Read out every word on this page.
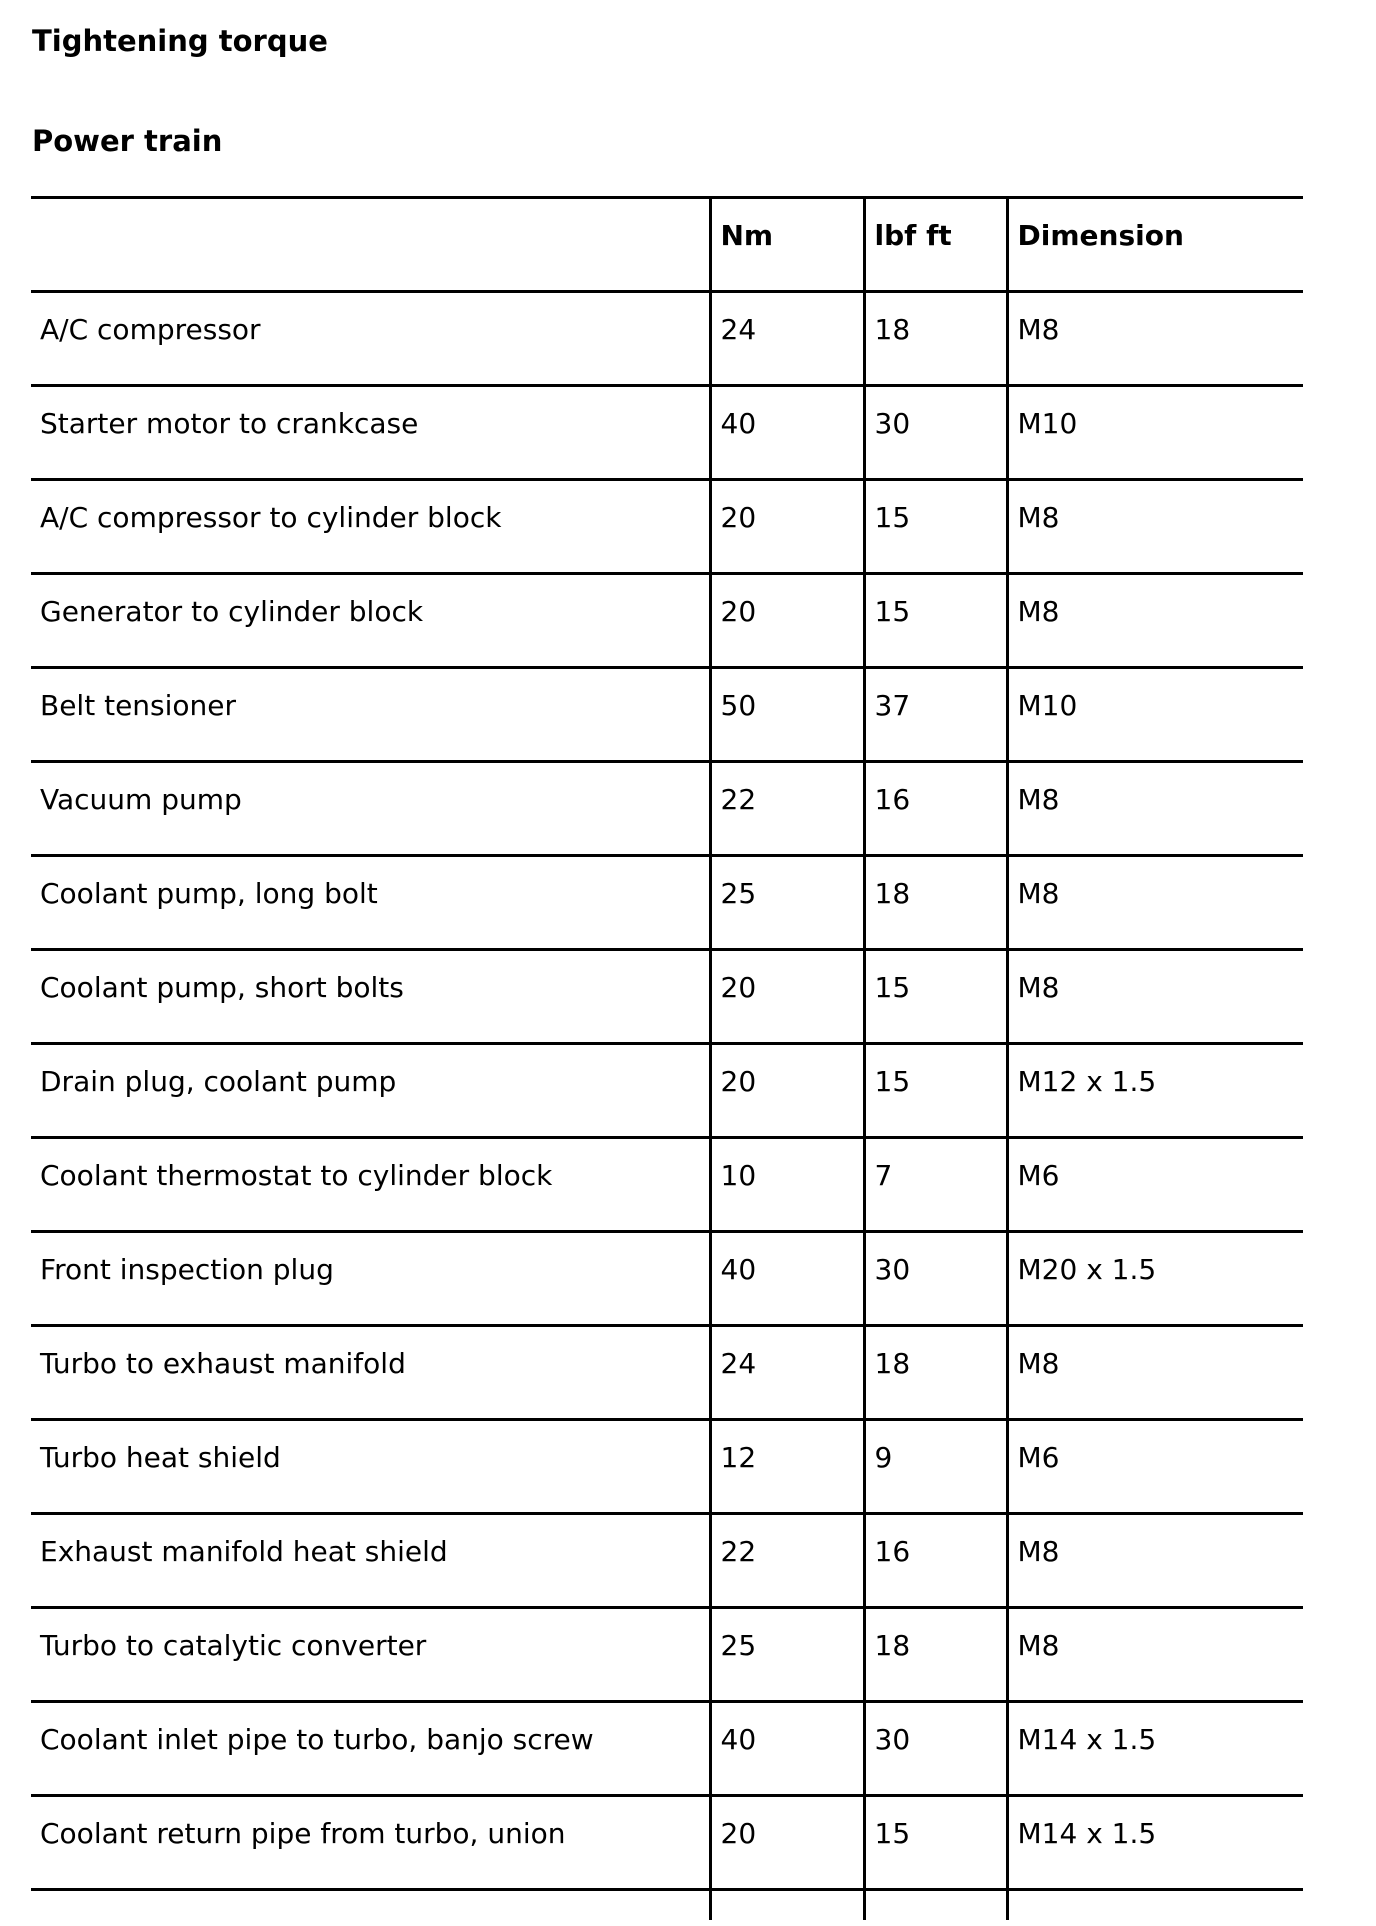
Tightening torque
Power train
	Nm	lbf ft	Dimension
A/C compressor	24	18	M8
Starter motor to crankcase	40	30	M10
A/C compressor to cylinder block	20	15	M8
Generator to cylinder block	20	15	M8
Belt tensioner	50	37	M10
Vacuum pump	22	16	M8
Coolant pump, long bolt	25	18	M8
Coolant pump, short bolts	20	15	M8
Drain plug, coolant pump	20	15	M12 x 1.5
Coolant thermostat to cylinder block	10	7	M6
Front inspection plug	40	30	M20 x 1.5
Turbo to exhaust manifold	24	18	M8
Turbo heat shield	12	9	M6
Exhaust manifold heat shield	22	16	M8
Turbo to catalytic converter	25	18	M8
Coolant inlet pipe to turbo, banjo screw	40	30	M14 x 1.5
Coolant return pipe from turbo, union	20	15	M14 x 1.5
